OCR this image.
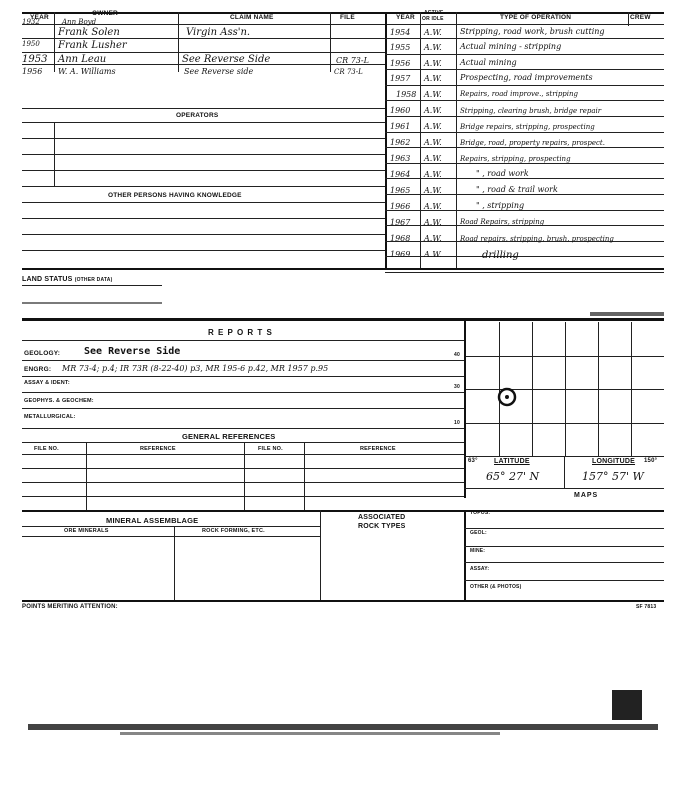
YEAR
OWNER
CLAIM NAME	FILE	YEAR
ACTIVE
OR IDLE	TYPE OF OPERATION	CREW
1932	Ann Boyd
Frank Solen	Virgin Ass'n.
1950 Frank Lusher
1953 Ann Leau	See Reverse Side	CR 73-L
1956 W. A. Williams	See Reverse side	CR 73-L
OPERATORS
OTHER PERSONS HAVING KNOWLEDGE
1954 A.W. Stripping, road work, brush cutting
1955 A.W. Actual mining - stripping
1956 A.W. Actual mining
1957 A.W. Prospecting, road improvements
1958 A.W.	Repairs, road improve., stripping
1960 A.W.	Stripping, clearing brush, bridge repair
1961 A.W.	Bridge repairs, stripping, prospecting
1962 A.W.	Bridge, road, property repairs, prospect.
1963 A.W.	Repairs, stripping, prospecting
1964 A.W.	" , road work
1965 A.W.	" , road & trail work
1966 A.W.	" , stripping
1967 A.W.	Road Repairs, stripping
1968 A.W.	Road repairs, stripping, brush, prospecting
1969 A.W.	drilling
LAND STATUS (OTHER DATA)
R E P O R T S
GEOLOGY: See Reverse Side	40
ENGRG: MR 73-4; p.4; IR 73R (8-22-40) p3, MR 195-6 p.42, MR 1957 p.95
ASSAY & IDENT:
30
GEOPHYS. & GEOCHEM:
METALLURGICAL:
10
GENERAL REFERENCES
FILE NO.	REFERENCE	FILE NO.	REFERENCE
MINERAL ASSEMBLAGE
ORE MINERALS	ROCK FORMING, ETC.
ASSOCIATED
ROCK TYPES
63° LATITUDE	LONGITUDE 150°
65° 27' N	157° 57' W
MAPS
TOPOS:
GEOL:
MINE:
ASSAY:
OTHER (& PHOTOS)
POINTS MERITING ATTENTION:	SF 7813
